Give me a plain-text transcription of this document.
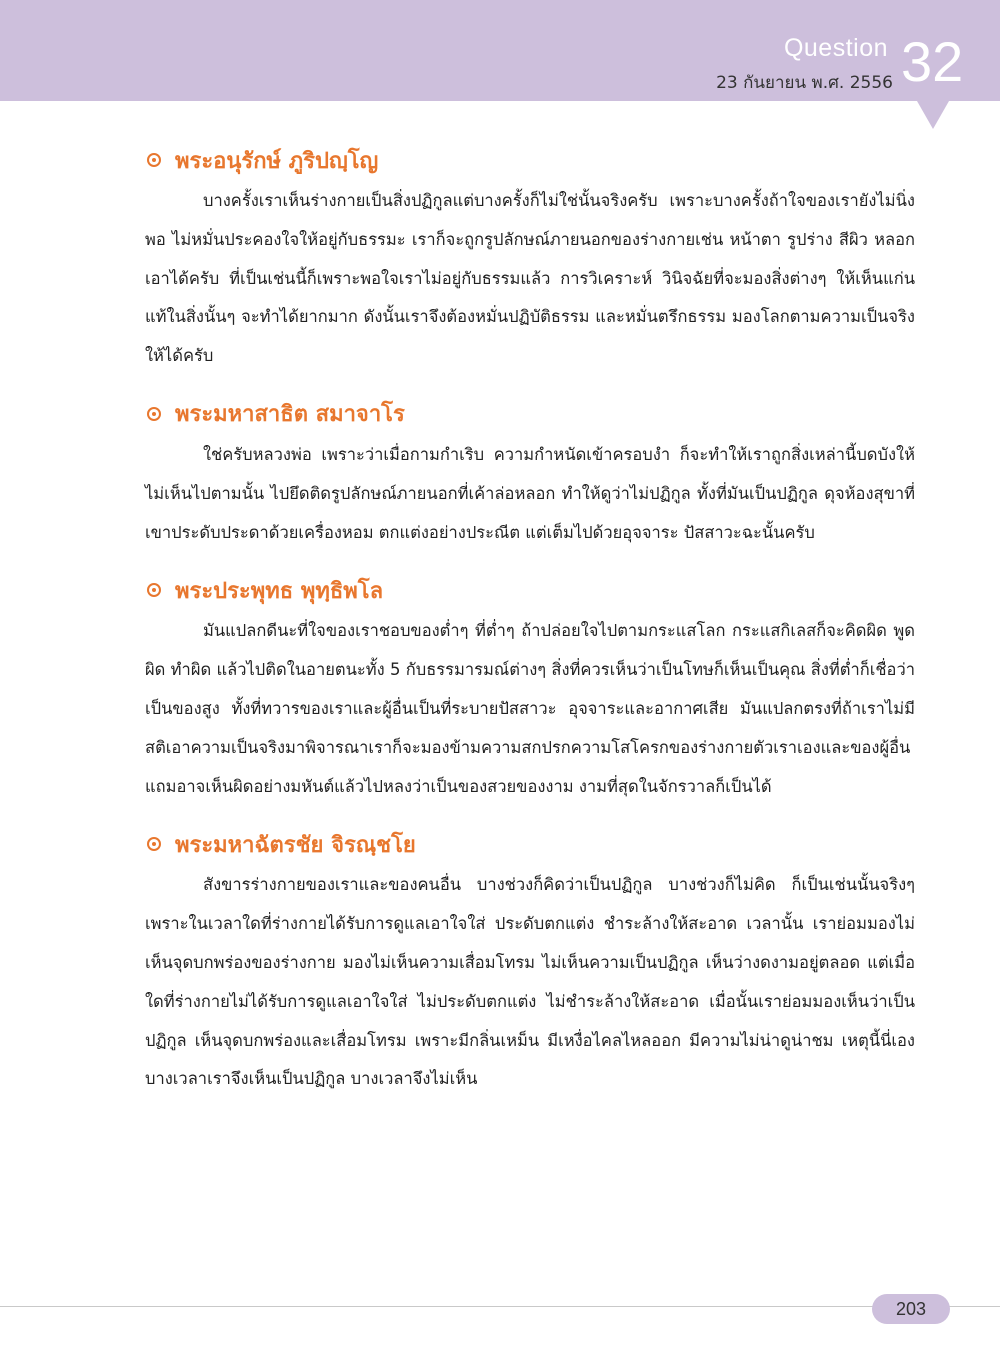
Question
23 กันยายน พ.ศ. 2556 32
พระอนุรักษ์ ภูริปญฺโญ

บางครั้งเราเห็นร่างกายเป็นสิ่งปฏิกูลแต่บางครั้งก็ไม่ใช่นั้นจริงครับ เพราะบางครั้งถ้าใจของเรายังไม่นิ่งพอ ไม่หมั่นประคองใจให้อยู่กับธรรมะ เราก็จะถูกรูปลักษณ์ภายนอกของร่างกายเช่น หน้าตา รูปร่าง สีผิว หลอกเอาได้ครับ ที่เป็นเช่นนี้ก็เพราะพอใจเราไม่อยู่กับธรรมแล้ว การวิเคราะห์ วินิจฉัยที่จะมองสิ่งต่างๆ ให้เห็นแก่นแท้ในสิ่งนั้นๆ จะทำได้ยากมาก ดังนั้นเราจึงต้องหมั่นปฏิบัติธรรม และหมั่นตรึกธรรม มองโลกตามความเป็นจริงให้ได้ครับ

พระมหาสาธิต สมาจาโร

ใช่ครับหลวงพ่อ เพราะว่าเมื่อกามกำเริบ ความกำหนัดเข้าครอบงำ ก็จะทำให้เราถูกสิ่งเหล่านี้บดบังให้ไม่เห็นไปตามนั้น ไปยึดติดรูปลักษณ์ภายนอกที่เค้าล่อหลอก ทำให้ดูว่าไม่ปฏิกูล ทั้งที่มันเป็นปฏิกูล ดุจห้องสุขาที่เขาประดับประดาด้วยเครื่องหอม ตกแต่งอย่างประณีต แต่เต็มไปด้วยอุจจาระ ปัสสาวะฉะนั้นครับ

พระประพุทธ พุทฺธิพโล

มันแปลกดีนะที่ใจของเราชอบของต่ำๆ ที่ต่ำๆ ถ้าปล่อยใจไปตามกระแสโลก กระแสกิเลสก็จะคิดผิด พูดผิด ทำผิด แล้วไปติดในอายตนะทั้ง 5 กับธรรมารมณ์ต่างๆ สิ่งที่ควรเห็นว่าเป็นโทษก็เห็นเป็นคุณ สิ่งที่ต่ำก็เชื่อว่าเป็นของสูง ทั้งที่ทวารของเราและผู้อื่นเป็นที่ระบายปัสสาวะ อุจจาระและอากาศเสีย มันแปลกตรงที่ถ้าเราไม่มีสติเอาความเป็นจริงมาพิจารณาเราก็จะมองข้ามความสกปรกความโสโครกของร่างกายตัวเราเองและของผู้อื่น แถมอาจเห็นผิดอย่างมหันต์แล้วไปหลงว่าเป็นของสวยของงาม งามที่สุดในจักรวาลก็เป็นได้

พระมหาฉัตรชัย จิรณฺชโย

สังขารร่างกายของเราและของคนอื่น บางช่วงก็คิดว่าเป็นปฏิกูล บางช่วงก็ไม่คิด ก็เป็นเช่นนั้นจริงๆ เพราะในเวลาใดที่ร่างกายได้รับการดูแลเอาใจใส่ ประดับตกแต่ง ชำระล้างให้สะอาด เวลานั้น เราย่อมมองไม่เห็นจุดบกพร่องของร่างกาย มองไม่เห็นความเสื่อมโทรม ไม่เห็นความเป็นปฏิกูล เห็นว่างดงามอยู่ตลอด แต่เมื่อใดที่ร่างกายไม่ได้รับการดูแลเอาใจใส่ ไม่ประดับตกแต่ง ไม่ชำระล้างให้สะอาด เมื่อนั้นเราย่อมมองเห็นว่าเป็นปฏิกูล เห็นจุดบกพร่องและเสื่อมโทรม เพราะมีกลิ่นเหม็น มีเหงื่อไคลไหลออก มีความไม่น่าดูน่าชม เหตุนี้นี่เอง บางเวลาเราจึงเห็นเป็นปฏิกูล บางเวลาจึงไม่เห็น

203
